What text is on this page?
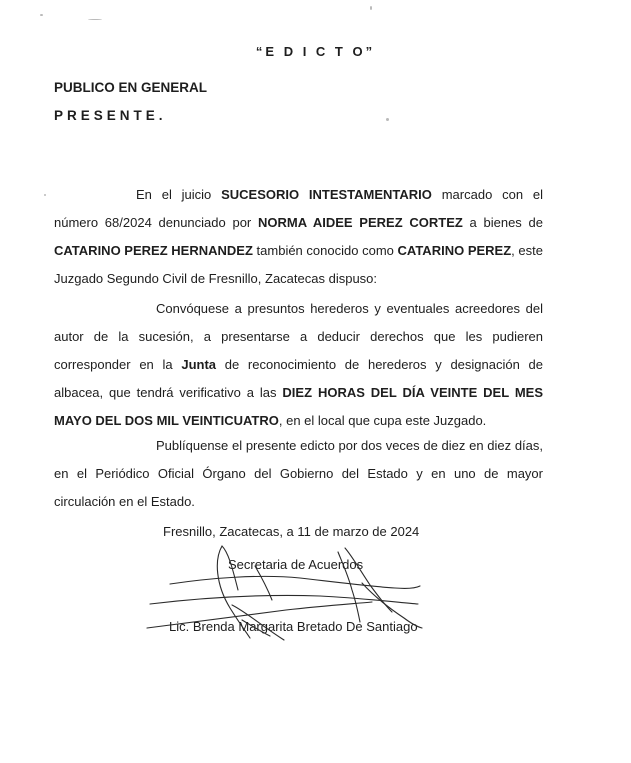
“E D I C T O”
PUBLICO EN GENERAL
PRESENTE.
En el juicio SUCESORIO INTESTAMENTARIO marcado con el número 68/2024 denunciado por NORMA AIDEE PEREZ CORTEZ a bienes de CATARINO PEREZ HERNANDEZ también conocido como CATARINO PEREZ, este Juzgado Segundo Civil de Fresnillo, Zacatecas dispuso:
Convóquese a presuntos herederos y eventuales acreedores del autor de la sucesión, a presentarse a deducir derechos que les pudieren corresponder en la Junta de reconocimiento de herederos y designación de albacea, que tendrá verificativo a las DIEZ HORAS DEL DÍA VEINTE DEL MES MAYO DEL DOS MIL VEINTICUATRO, en el local que cupa este Juzgado.
Publíquense el presente edicto por dos veces de diez en diez días, en el Periódico Oficial Órgano del Gobierno del Estado y en uno de mayor circulación en el Estado.
Fresnillo, Zacatecas, a 11 de marzo de 2024
Secretaria de Acuerdos
Lic. Brenda Margarita Bretado De Santiago
